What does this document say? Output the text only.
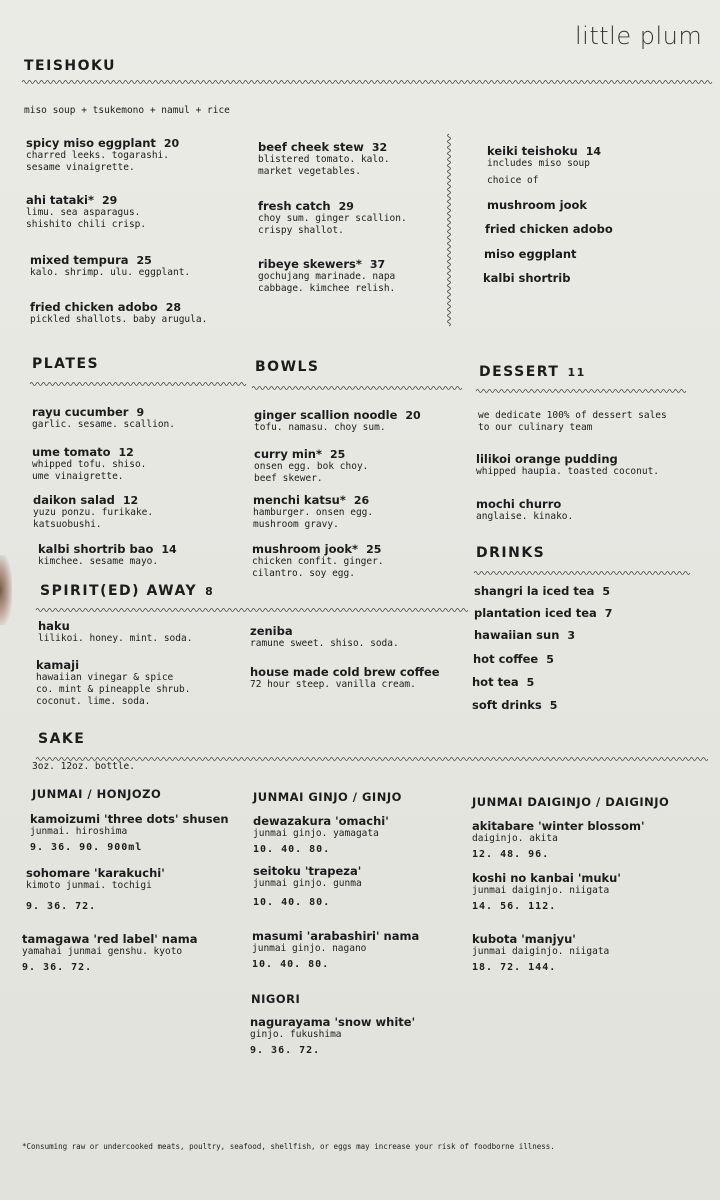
little plum
TEISHOKU
miso soup + tsukemono + namul + rice
spicy miso eggplant 20
charred leeks. togarashi.
sesame vinaigrette.
ahi tataki* 29
limu. sea asparagus.
shishito chili crisp.
mixed tempura 25
kalo. shrimp. ulu. eggplant.
fried chicken adobo 28
pickled shallots. baby arugula.
beef cheek stew 32
blistered tomato. kalo.
market vegetables.
fresh catch 29
choy sum. ginger scallion.
crispy shallot.
ribeye skewers* 37
gochujang marinade. napa
cabbage. kimchee relish.
keiki teishoku 14
includes miso soup
choice of
mushroom jook
fried chicken adobo
miso eggplant
kalbi shortrib
PLATES
rayu cucumber 9
garlic. sesame. scallion.
ume tomato 12
whipped tofu. shiso.
ume vinaigrette.
daikon salad 12
yuzu ponzu. furikake.
katsuobushi.
kalbi shortrib bao 14
kimchee. sesame mayo.
BOWLS
ginger scallion noodle 20
tofu. namasu. choy sum.
curry min* 25
onsen egg. bok choy.
beef skewer.
menchi katsu* 26
hamburger. onsen egg.
mushroom gravy.
mushroom jook* 25
chicken confit. ginger.
cilantro. soy egg.
DESSERT 11
we dedicate 100% of dessert sales
to our culinary team
lilikoi orange pudding
whipped haupia. toasted coconut.
mochi churro
anglaise. kinako.
DRINKS
shangri la iced tea 5
plantation iced tea 7
hawaiian sun 3
hot coffee 5
hot tea 5
soft drinks 5
SPIRIT(ED) AWAY 8
haku
lilikoi. honey. mint. soda.
kamaji
hawaiian vinegar & spice
co. mint & pineapple shrub.
coconut. lime. soda.
zeniba
ramune sweet. shiso. soda.
house made cold brew coffee
72 hour steep. vanilla cream.
SAKE
3oz. 12oz. bottle.
JUNMAI / HONJOZO
kamoizumi 'three dots' shusen
junmai. hiroshima
9. 36. 90. 900ml
sohomare 'karakuchi'
kimoto junmai. tochigi
9. 36. 72.
tamagawa 'red label' nama
yamahai junmai genshu. kyoto
9. 36. 72.
JUNMAI GINJO / GINJO
dewazakura 'omachi'
junmai ginjo. yamagata
10. 40. 80.
seitoku 'trapeza'
junmai ginjo. gunma
10. 40. 80.
masumi 'arabashiri' nama
junmai ginjo. nagano
10. 40. 80.
NIGORI
nagurayama 'snow white'
ginjo. fukushima
9. 36. 72.
JUNMAI DAIGINJO / DAIGINJO
akitabare 'winter blossom'
daiginjo. akita
12. 48. 96.
koshi no kanbai 'muku'
junmai daiginjo. niigata
14. 56. 112.
kubota 'manjyu'
junmai daiginjo. niigata
18. 72. 144.
*Consuming raw or undercooked meats, poultry, seafood, shellfish, or eggs may increase your risk of foodborne illness.
